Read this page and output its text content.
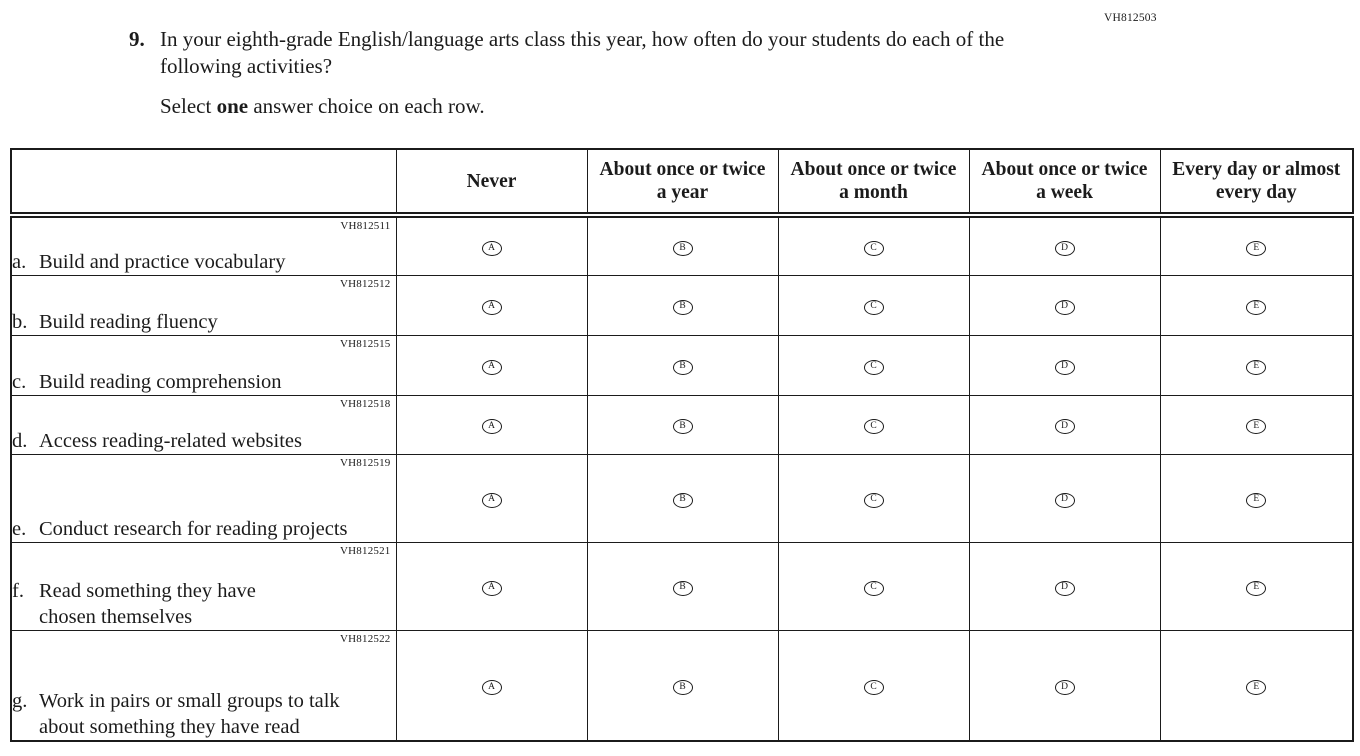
VH812503
9. In your eighth-grade English/language arts class this year, how often do your students do each of the following activities?
Select one answer choice on each row.
	Never	About once or twice a year	About once or twice a month	About once or twice a week	Every day or almost every day

VH812511
a. Build and practice vocabulary	A	B	C	D	E

VH812512
b. Build reading fluency	A	B	C	D	E

VH812515
c. Build reading comprehension	A	B	C	D	E

VH812518
d. Access reading-related websites	A	B	C	D	E

VH812519
e. Conduct research for reading projects	A	B	C	D	E

VH812521
f. Read something they have chosen themselves	A	B	C	D	E

VH812522
g. Work in pairs or small groups to talk about something they have read	A	B	C	D	E
